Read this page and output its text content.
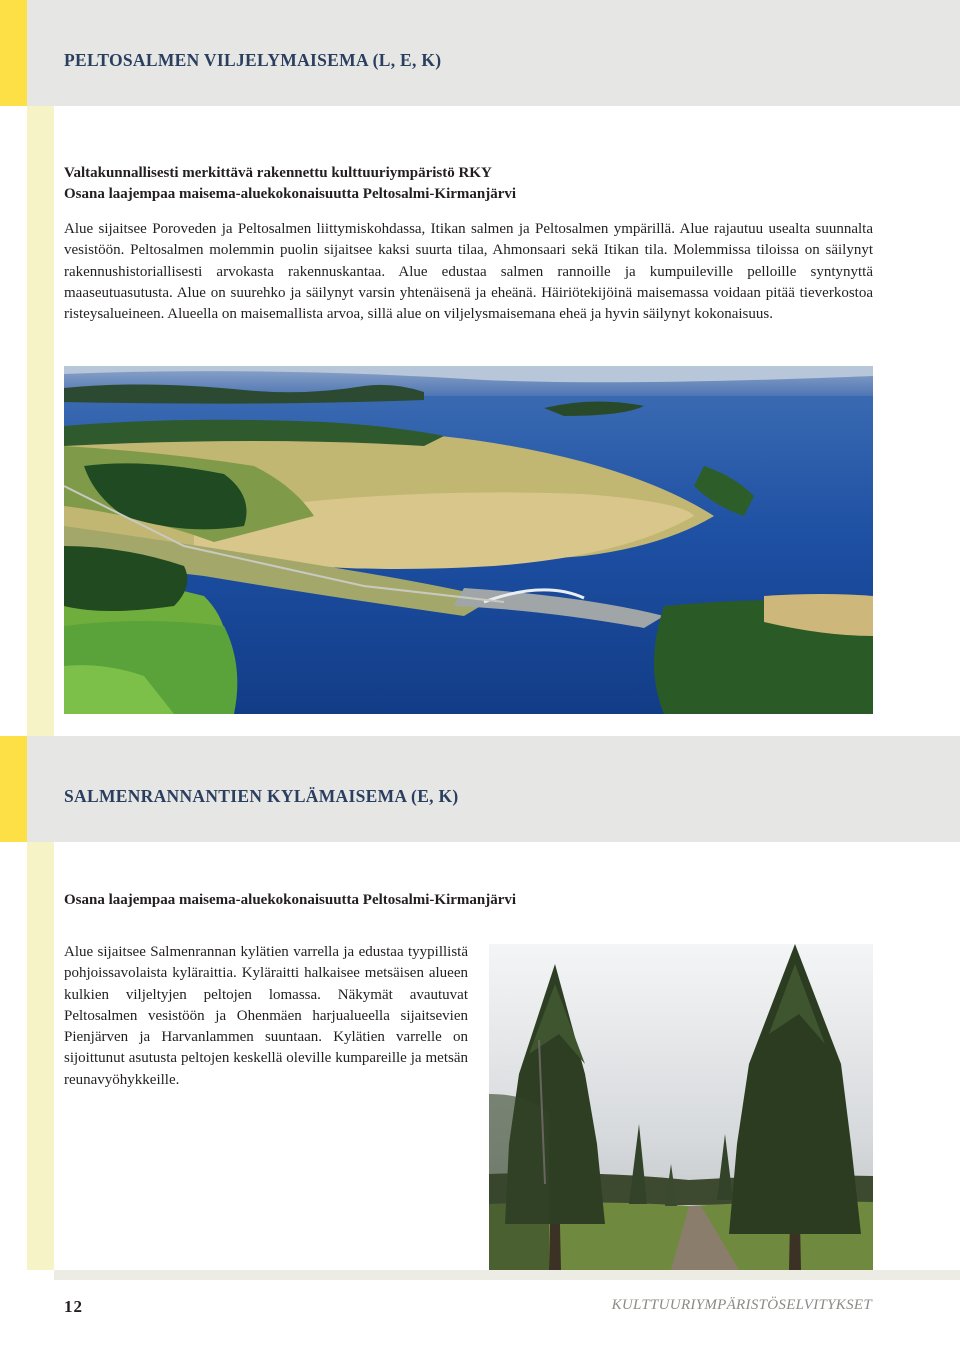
PELTOSALMEN VILJELYMAISEMA (L, E, K)
Valtakunnallisesti merkittävä rakennettu kulttuuriympäristö RKY
Osana laajempaa maisema-aluekokonaisuutta Peltosalmi-Kirmanjärvi
Alue sijaitsee Poroveden ja Peltosalmen liittymiskohdassa, Itikan salmen ja Peltosalmen ympärillä. Alue rajautuu usealta suunnalta vesistöön. Peltosalmen molemmin puolin sijaitsee kaksi suurta tilaa, Ahmonsaari sekä Itikan tila. Molemmissa tiloissa on säilynyt rakennushistoriallisesti arvokasta rakennuskantaa. Alue edustaa salmen rannoille ja kumpuileville pelloille syntynyttä maaseutuasutusta. Alue on suurehko ja säilynyt varsin yhtenäisenä ja eheänä. Häiriötekijöinä maisemassa voidaan pitää tieverkostoa risteysalueineen. Alueella on maisemallista arvoa, sillä alue on viljelysmaisemana eheä ja hyvin säilynyt kokonaisuus.
SALMENRANNANTIEN KYLÄMAISEMA (E, K)
Osana laajempaa maisema-aluekokonaisuutta Peltosalmi-Kirmanjärvi
Alue sijaitsee Salmenrannan kylätien varrella ja edustaa tyypillistä pohjoissavolaista kyläraittia. Kyläraitti halkaisee metsäisen alueen kulkien viljeltyjen peltojen lomassa. Näkymät avautuvat Peltosalmen vesistöön ja Ohenmäen harjualueella sijaitsevien Pienjärven ja Harvanlammen suuntaan. Kylätien varrelle on sijoittunut asutusta peltojen keskellä oleville kumpareille ja metsän reunavyöhykkeille.
12	KULTTUURIYMPÄRISTÖSELVITYKSET
